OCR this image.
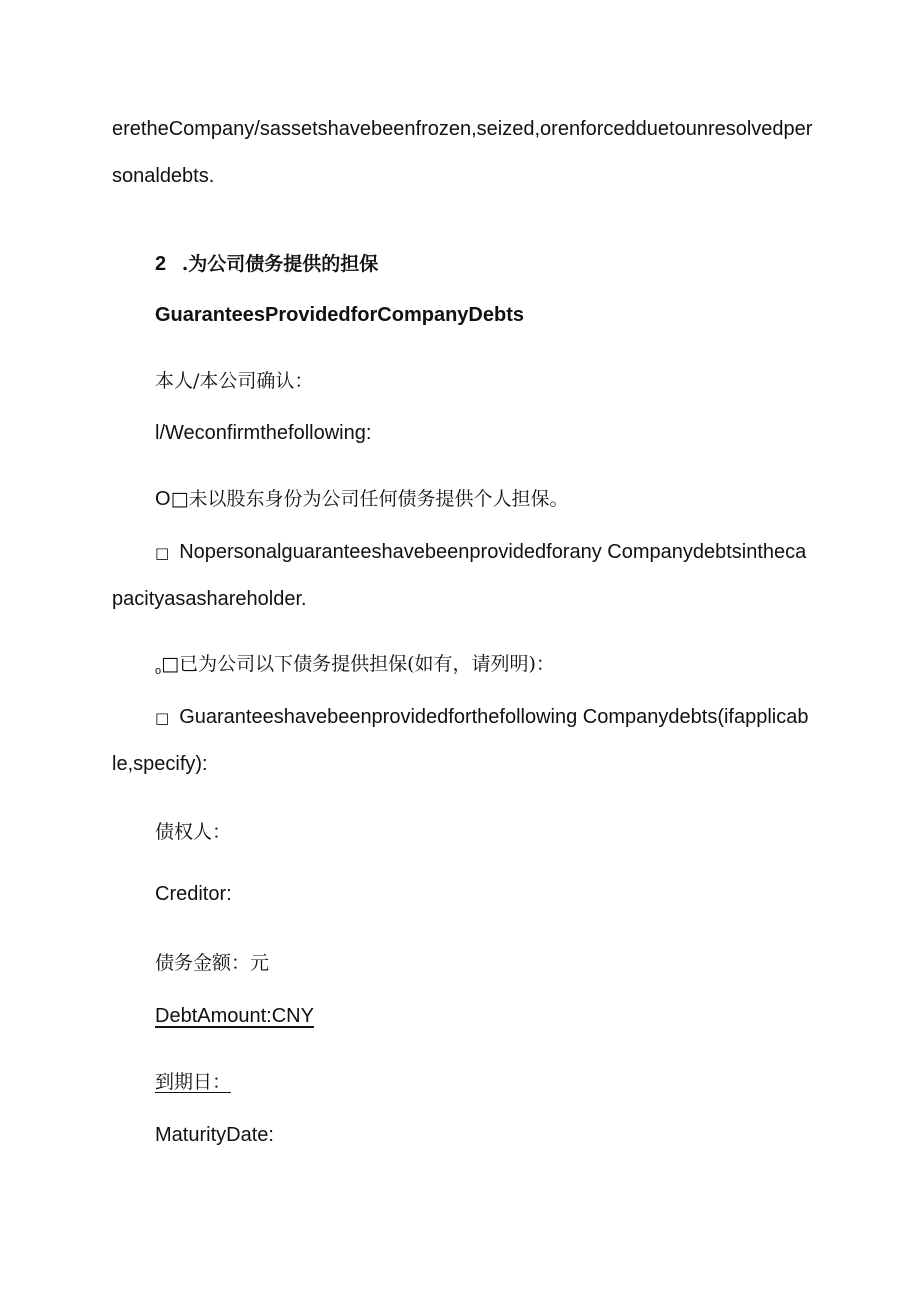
eretheCompany/sassetshavebeenfrozen,seized,orenforcedduetounresolvedper
sonaldebts.
2 .为公司债务提供的担保
GuaranteesProvidedforCompanyDebts
本人/本公司确认：
l/Weconfirmthefollowing:
O□未以股东身份为公司任何债务提供个人担保。
□ Nopersonalguaranteeshavebeenprovidedforany Companydebtsintheca
pacityasashareholder.
$_o$□已为公司以下债务提供担保(如有，请列明)：
□ Guaranteeshavebeenprovidedforthefollowing Companydebts(ifapplicab
le,specify):
债权人：
Creditor:
债务金额：元
DebtAmount:CNY
到期日：
MaturityDate:
